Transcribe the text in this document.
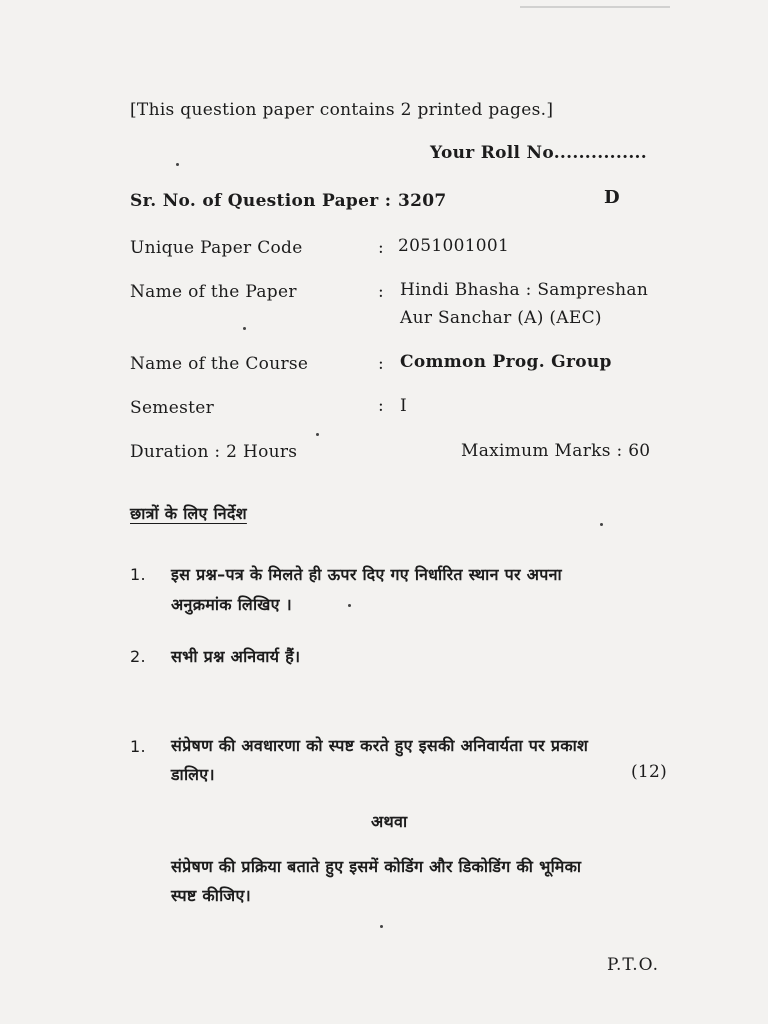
[This question paper contains 2 printed pages.]
Your Roll No...............
Sr. No. of Question Paper : 3207	D
Unique Paper Code	: 2051001001
Name of the Paper	: Hindi Bhasha : Sampreshan
Aur Sanchar (A) (AEC)
Name of the Course	: Common Prog. Group
Semester	: I
Duration : 2 Hours	Maximum Marks : 60
छात्रों के लिए निर्देश
1. इस प्रश्न–पत्र के मिलते ही ऊपर दिए गए निर्धारित स्थान पर अपना
अनुक्रमांक लिखिए ।
2. सभी प्रश्न अनिवार्य हैं।
1. संप्रेषण की अवधारणा को स्पष्ट करते हुए इसकी अनिवार्यता पर प्रकाश
डालिए।	(12)
अथवा
संप्रेषण की प्रक्रिया बताते हुए इसमें कोडिंग और डिकोडिंग की भूमिका
स्पष्ट कीजिए।
P.T.O.
